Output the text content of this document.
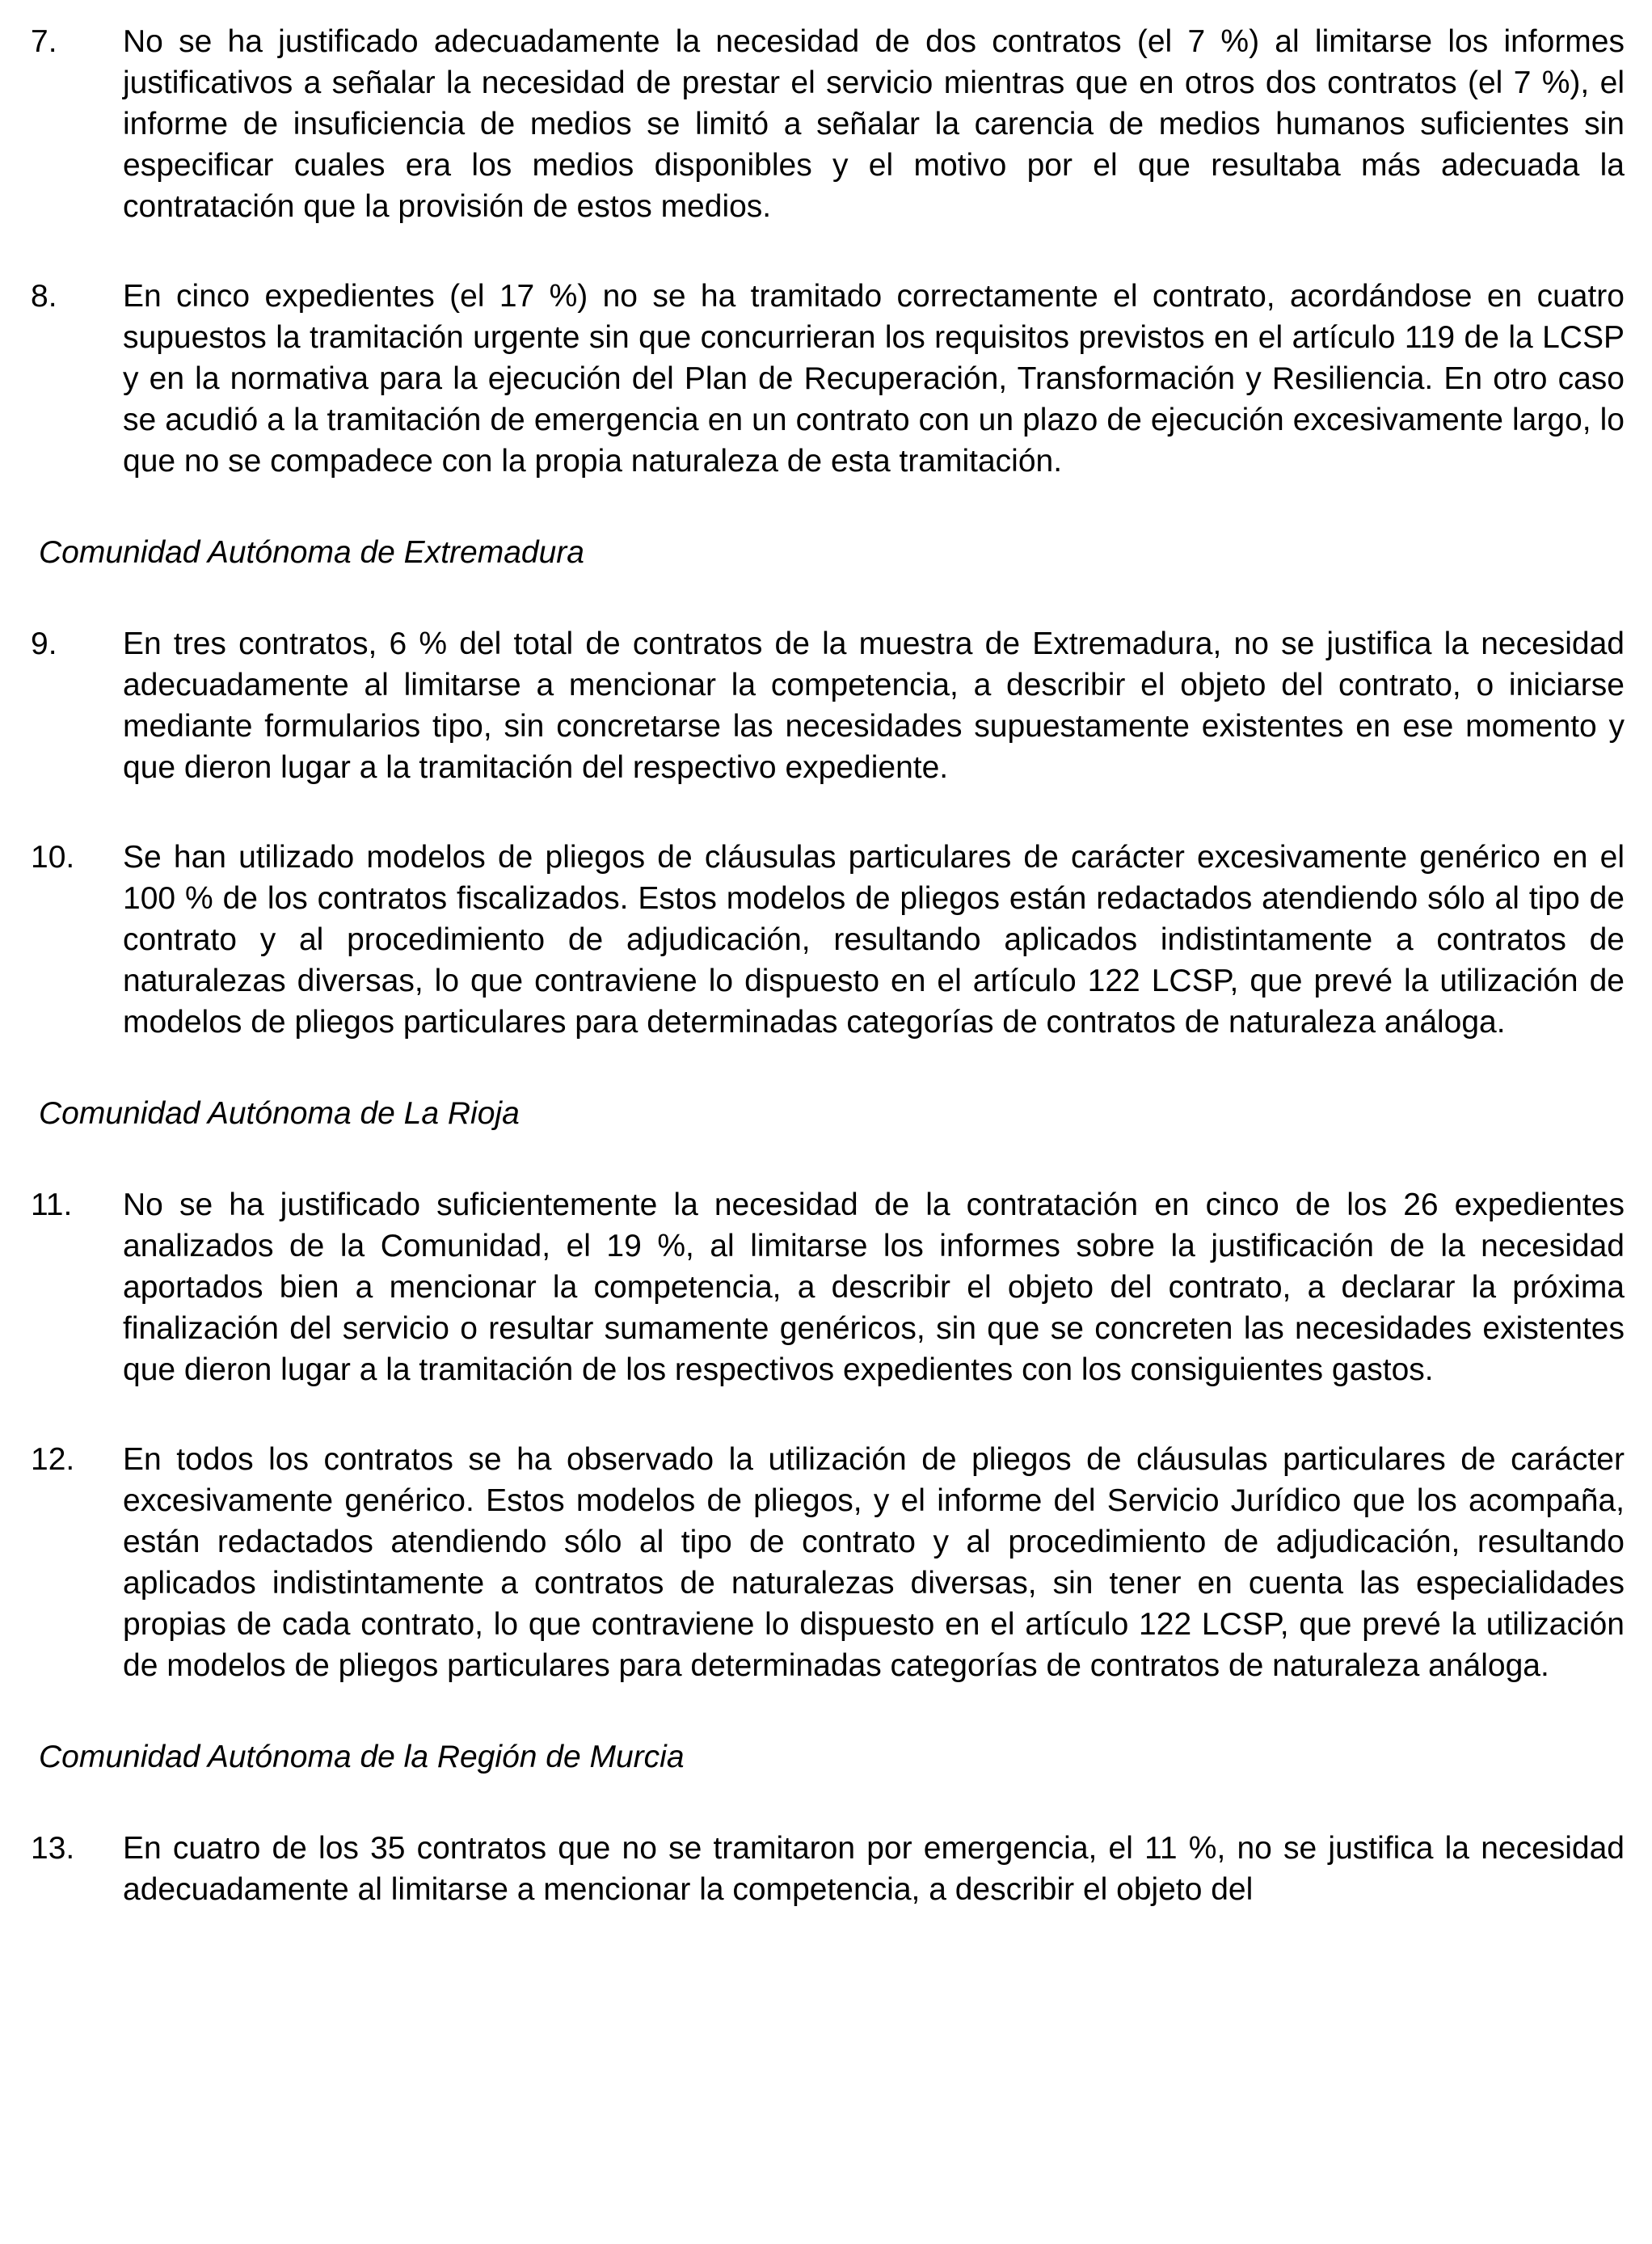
7.	No se ha justificado adecuadamente la necesidad de dos contratos (el 7 %) al limitarse los informes justificativos a señalar la necesidad de prestar el servicio mientras que en otros dos contratos (el 7 %), el informe de insuficiencia de medios se limitó a señalar la carencia de medios humanos suficientes sin especificar cuales era los medios disponibles y el motivo por el que resultaba más adecuada la contratación que la provisión de estos medios.

8.	En cinco expedientes (el 17 %) no se ha tramitado correctamente el contrato, acordándose en cuatro supuestos la tramitación urgente sin que concurrieran los requisitos previstos en el artículo 119 de la LCSP y en la normativa para la ejecución del Plan de Recuperación, Transformación y Resiliencia. En otro caso se acudió a la tramitación de emergencia en un contrato con un plazo de ejecución excesivamente largo, lo que no se compadece con la propia naturaleza de esta tramitación.

Comunidad Autónoma de Extremadura
9.	En tres contratos, 6 % del total de contratos de la muestra de Extremadura, no se justifica la necesidad adecuadamente al limitarse a mencionar la competencia, a describir el objeto del contrato, o iniciarse mediante formularios tipo, sin concretarse las necesidades supuestamente existentes en ese momento y que dieron lugar a la tramitación del respectivo expediente.

10.	Se han utilizado modelos de pliegos de cláusulas particulares de carácter excesivamente genérico en el 100 % de los contratos fiscalizados. Estos modelos de pliegos están redactados atendiendo sólo al tipo de contrato y al procedimiento de adjudicación, resultando aplicados indistintamente a contratos de naturalezas diversas, lo que contraviene lo dispuesto en el artículo 122 LCSP, que prevé la utilización de modelos de pliegos particulares para determinadas categorías de contratos de naturaleza análoga.

Comunidad Autónoma de La Rioja
11.	No se ha justificado suficientemente la necesidad de la contratación en cinco de los 26 expedientes analizados de la Comunidad, el 19 %, al limitarse los informes sobre la justificación de la necesidad aportados bien a mencionar la competencia, a describir el objeto del contrato, a declarar la próxima finalización del servicio o resultar sumamente genéricos, sin que se concreten las necesidades existentes que dieron lugar a la tramitación de los respectivos expedientes con los consiguientes gastos.

12.	En todos los contratos se ha observado la utilización de pliegos de cláusulas particulares de carácter excesivamente genérico. Estos modelos de pliegos, y el informe del Servicio Jurídico que los acompaña, están redactados atendiendo sólo al tipo de contrato y al procedimiento de adjudicación, resultando aplicados indistintamente a contratos de naturalezas diversas, sin tener en cuenta las especialidades propias de cada contrato, lo que contraviene lo dispuesto en el artículo 122 LCSP, que prevé la utilización de modelos de pliegos particulares para determinadas categorías de contratos de naturaleza análoga.

Comunidad Autónoma de la Región de Murcia
13.	En cuatro de los 35 contratos que no se tramitaron por emergencia, el 11 %, no se justifica la necesidad adecuadamente al limitarse a mencionar la competencia, a describir el objeto del
